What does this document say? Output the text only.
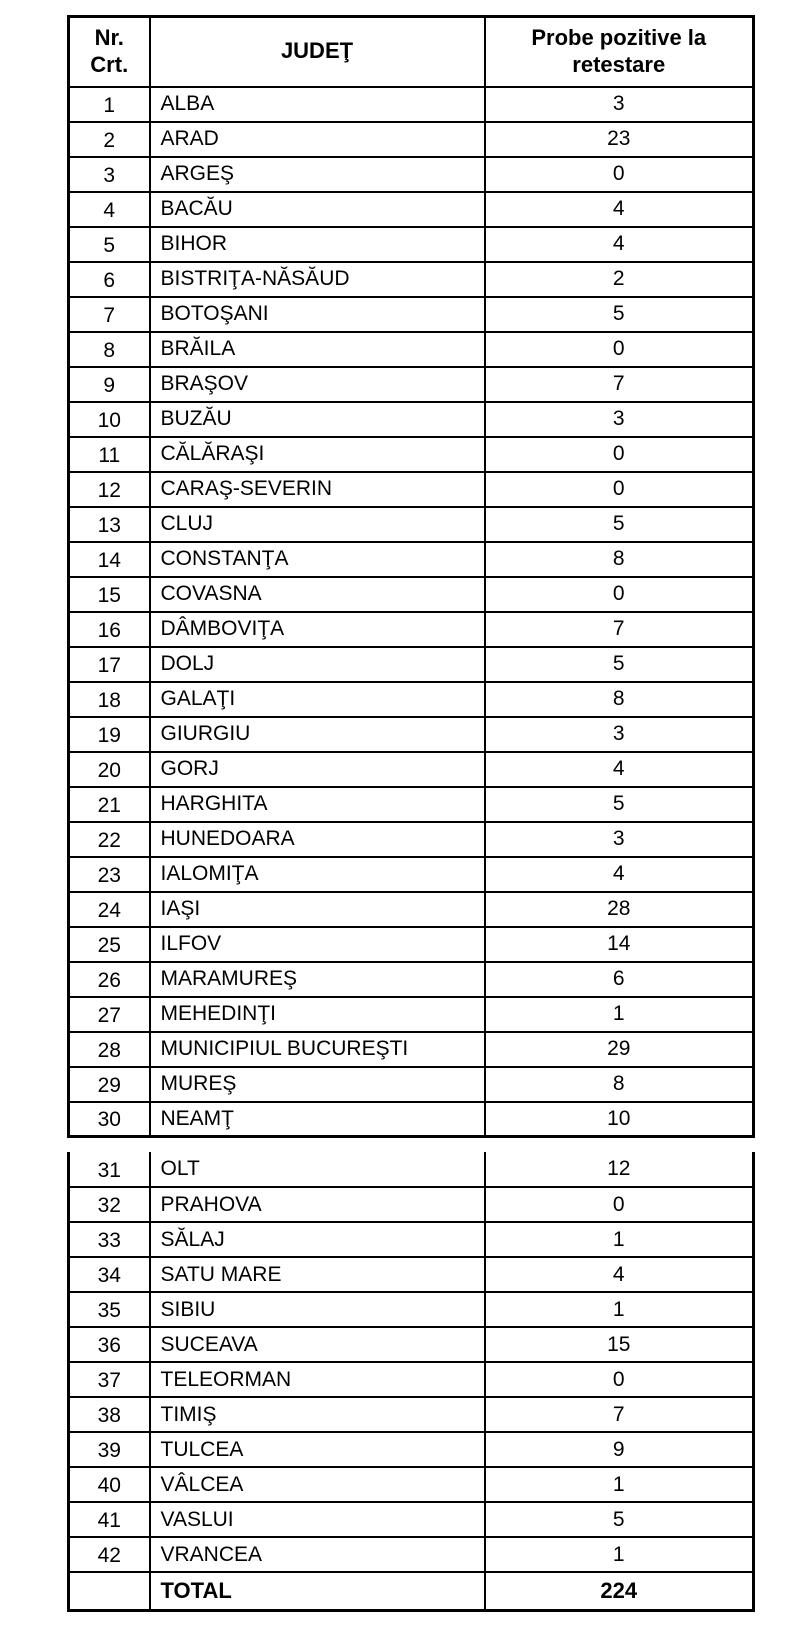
Nr.
Crt.	JUDEŢ	Probe pozitive la retestare
1	ALBA	3
2	ARAD	23
3	ARGEŞ	0
4	BACĂU	4
5	BIHOR	4
6	BISTRIŢA-NĂSĂUD	2
7	BOTOŞANI	5
8	BRĂILA	0
9	BRAŞOV	7
10	BUZĂU	3
11	CĂLĂRAŞI	0
12	CARAŞ-SEVERIN	0
13	CLUJ	5
14	CONSTANŢA	8
15	COVASNA	0
16	DÂMBOVIŢA	7
17	DOLJ	5
18	GALAŢI	8
19	GIURGIU	3
20	GORJ	4
21	HARGHITA	5
22	HUNEDOARA	3
23	IALOMIŢA	4
24	IAŞI	28
25	ILFOV	14
26	MARAMUREŞ	6
27	MEHEDINŢI	1
28	MUNICIPIUL BUCUREŞTI	29
29	MUREŞ	8
30	NEAMŢ	10
31	OLT	12
32	PRAHOVA	0
33	SĂLAJ	1
34	SATU MARE	4
35	SIBIU	1
36	SUCEAVA	15
37	TELEORMAN	0
38	TIMIŞ	7
39	TULCEA	9
40	VÂLCEA	1
41	VASLUI	5
42	VRANCEA	1
	TOTAL	224
